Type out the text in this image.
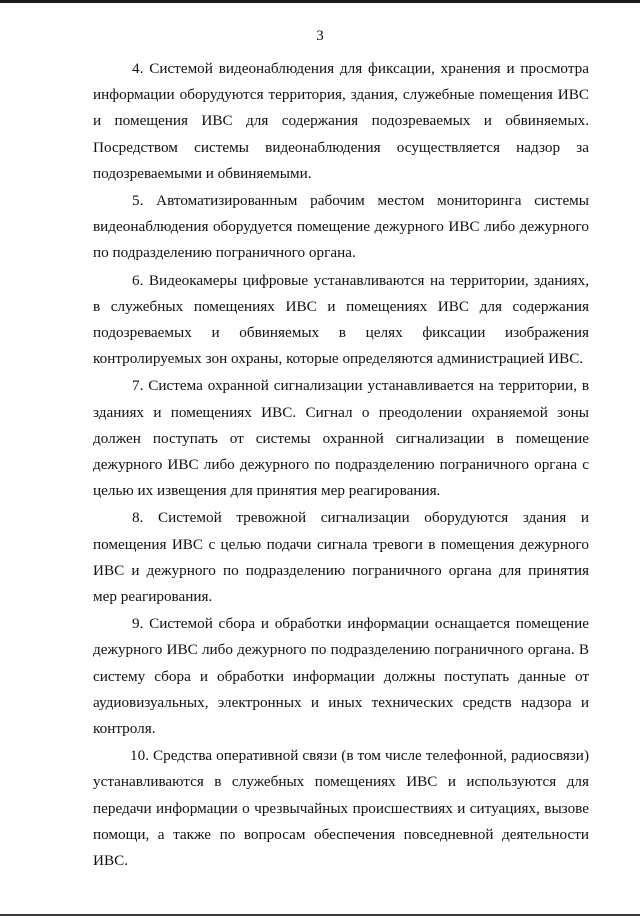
3

4. Системой видеонаблюдения для фиксации, хранения и просмотра информации оборудуются территория, здания, служебные помещения ИВС и помещения ИВС для содержания подозреваемых и обвиняемых. Посредством системы видеонаблюдения осуществляется надзор за подозреваемыми и обвиняемыми.

5. Автоматизированным рабочим местом мониторинга системы видеонаблюдения оборудуется помещение дежурного ИВС либо дежурного по подразделению пограничного органа.

6. Видеокамеры цифровые устанавливаются на территории, зданиях, в служебных помещениях ИВС и помещениях ИВС для содержания подозреваемых и обвиняемых в целях фиксации изображения контролируемых зон охраны, которые определяются администрацией ИВС.

7. Система охранной сигнализации устанавливается на территории, в зданиях и помещениях ИВС. Сигнал о преодолении охраняемой зоны должен поступать от системы охранной сигнализации в помещение дежурного ИВС либо дежурного по подразделению пограничного органа с целью их извещения для принятия мер реагирования.

8. Системой тревожной сигнализации оборудуются здания и помещения ИВС с целью подачи сигнала тревоги в помещения дежурного ИВС и дежурного по подразделению пограничного органа для принятия мер реагирования.

9. Системой сбора и обработки информации оснащается помещение дежурного ИВС либо дежурного по подразделению пограничного органа. В систему сбора и обработки информации должны поступать данные от аудиовизуальных, электронных и иных технических средств надзора и контроля.

10. Средства оперативной связи (в том числе телефонной, радиосвязи) устанавливаются в служебных помещениях ИВС и используются для передачи информации о чрезвычайных происшествиях и ситуациях, вызове помощи, а также по вопросам обеспечения повседневной деятельности ИВС.
